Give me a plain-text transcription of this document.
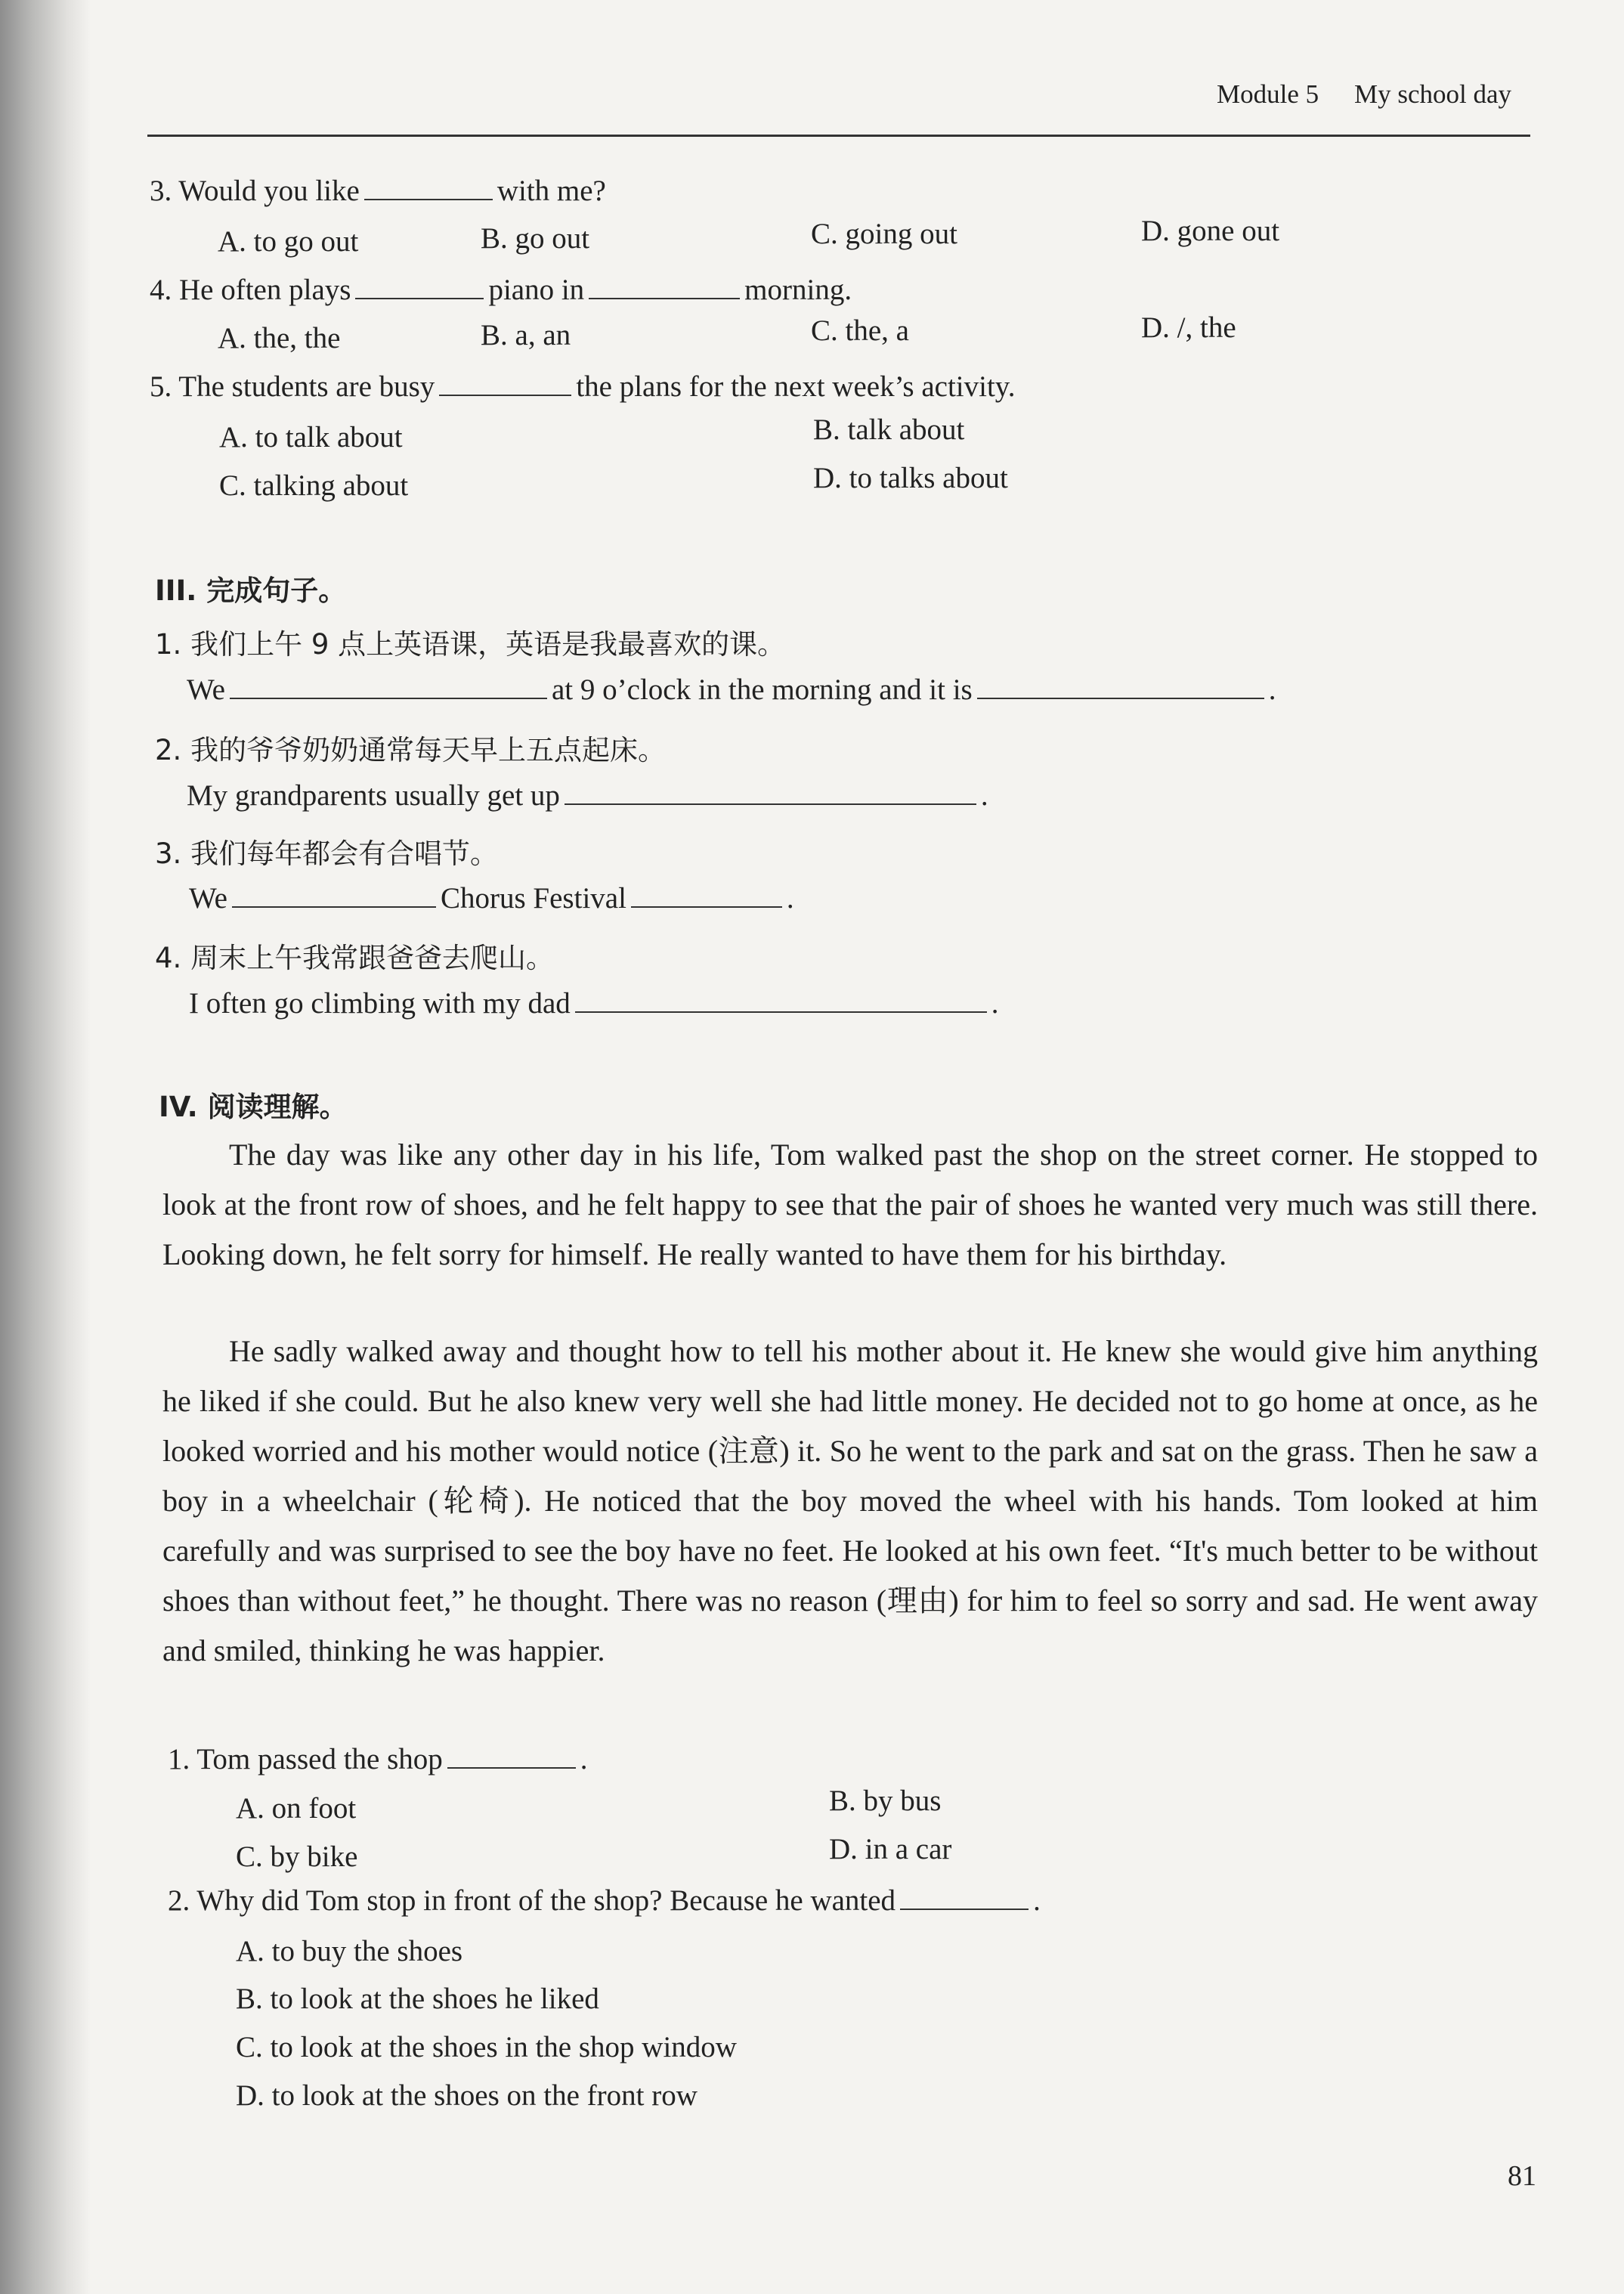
Module 5 My school day
3. Would you like	with me?
A. to go out	B. go out	C. going out	D. gone out
4. He often plays	piano in	morning.
A. the, the	B. a, an	C. the, a	D. /, the
5. The students are busy	the plans for the next week’s activity.
A. to talk about	B. talk about
C. talking about	D. to talks about
III. 完成句子。
1. 我们上午 9 点上英语课，英语是我最喜欢的课。
We	at 9 o’clock in the morning and it is	.
2. 我的爷爷奶奶通常每天早上五点起床。
My grandparents usually get up	.
3. 我们每年都会有合唱节。
We	Chorus Festival	.
4. 周末上午我常跟爸爸去爬山。
I often go climbing with my dad	.
IV. 阅读理解。
The day was like any other day in his life, Tom walked past the shop on the street corner. He stopped to look at the front row of shoes, and he felt happy to see that the pair of shoes he wanted very much was still there. Looking down, he felt sorry for himself. He really wanted to have them for his birthday.
He sadly walked away and thought how to tell his mother about it. He knew she would give him anything he liked if she could. But he also knew very well she had little money. He decided not to go home at once, as he looked worried and his mother would notice (注意) it. So he went to the park and sat on the grass. Then he saw a boy in a wheelchair (轮椅). He noticed that the boy moved the wheel with his hands. Tom looked at him carefully and was surprised to see the boy have no feet. He looked at his own feet. “It's much better to be without shoes than without feet,” he thought. There was no reason (理由) for him to feel so sorry and sad. He went away and smiled, thinking he was happier.
1. Tom passed the shop	.
A. on foot	B. by bus
C. by bike	D. in a car
2. Why did Tom stop in front of the shop? Because he wanted	.
A. to buy the shoes
B. to look at the shoes he liked
C. to look at the shoes in the shop window
D. to look at the shoes on the front row
81
